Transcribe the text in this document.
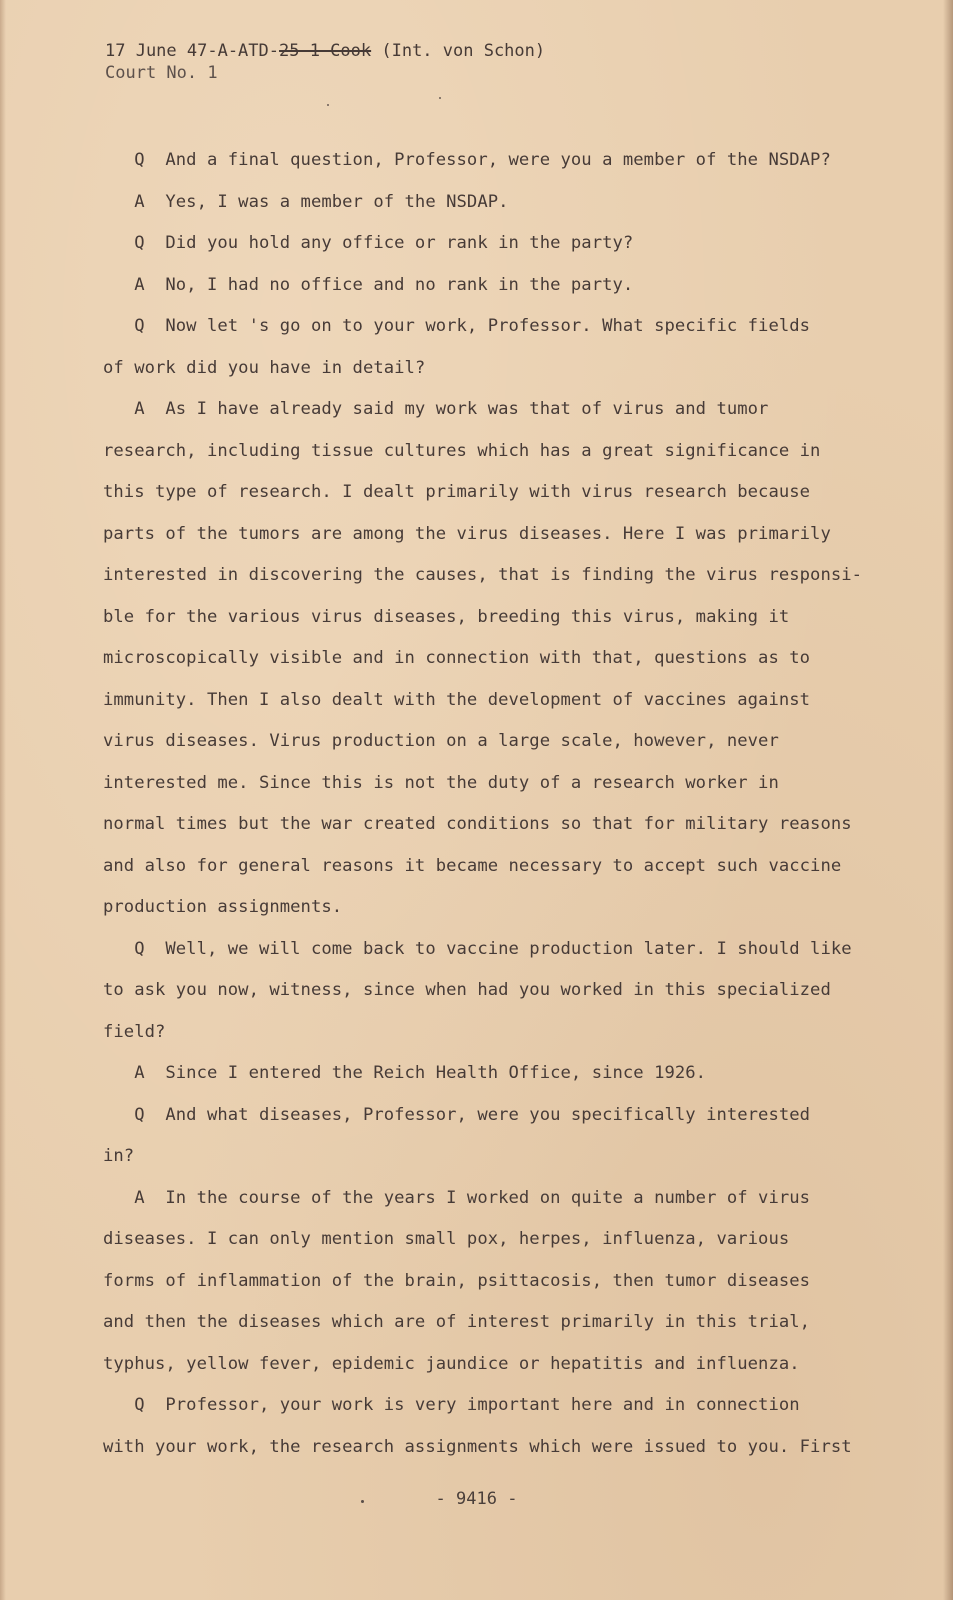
17 June 47-A-ATD-25-1-Cook (Int. von Schon)
Court No. 1
Q  And a final question, Professor, were you a member of the NSDAP?
A  Yes, I was a member of the NSDAP.
Q  Did you hold any office or rank in the party?
A  No, I had no office and no rank in the party.
Q  Now let 's go on to your work, Professor. What specific fields
of work did you have in detail?
A  As I have already said my work was that of virus and tumor
research, including tissue cultures which has a great significance in
this type of research. I dealt primarily with virus research because
parts of the tumors are among the virus diseases. Here I was primarily
interested in discovering the causes, that is finding the virus responsi-
ble for the various virus diseases, breeding this virus, making it
microscopically visible and in connection with that, questions as to
immunity. Then I also dealt with the development of vaccines against
virus diseases. Virus production on a large scale, however, never
interested me. Since this is not the duty of a research worker in
normal times but the war created conditions so that for military reasons
and also for general reasons it became necessary to accept such vaccine
production assignments.
Q  Well, we will come back to vaccine production later. I should like
to ask you now, witness, since when had you worked in this specialized
field?
A  Since I entered the Reich Health Office, since 1926.
Q  And what diseases, Professor, were you specifically interested
in?
A  In the course of the years I worked on quite a number of virus
diseases. I can only mention small pox, herpes, influenza, various
forms of inflammation of the brain, psittacosis, then tumor diseases
and then the diseases which are of interest primarily in this trial,
typhus, yellow fever, epidemic jaundice or hepatitis and influenza.
Q  Professor, your work is very important here and in connection
with your work, the research assignments which were issued to you. First
- 9416 -
